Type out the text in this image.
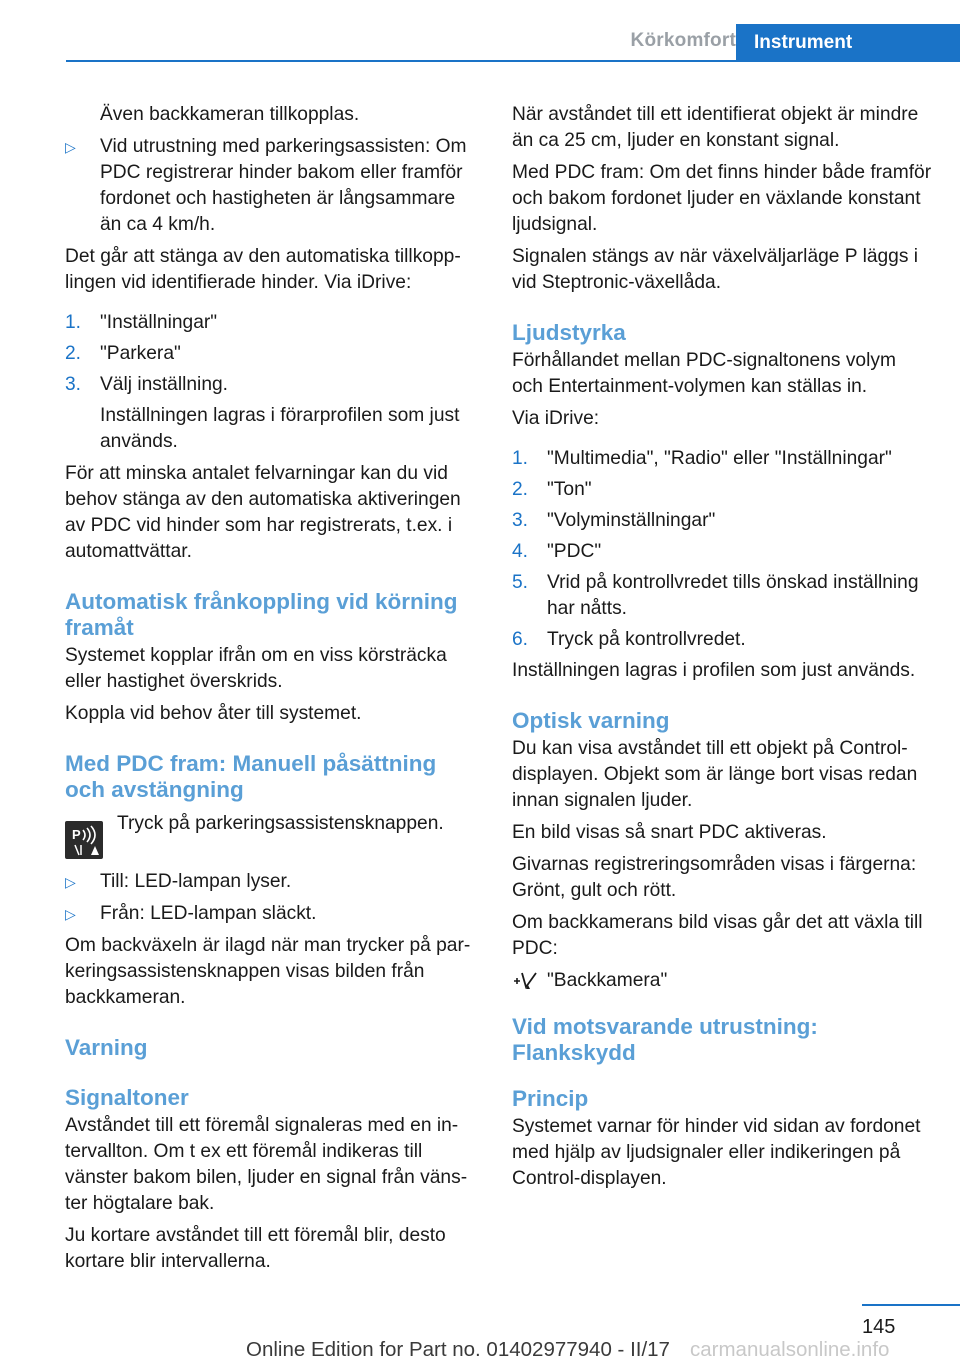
Körkomfort Instrument

Även backkameran tillkopplas.

▷	Vid utrustning med parkeringsassisten: Om PDC registrerar hinder bakom eller framför fordonet och hastigheten är långsammare än ca 4 km/h.

Det går att stänga av den automatiska tillkopplingen vid identifierade hinder. Via iDrive:

1. "Inställningar"
2. "Parkera"
3. Välj inställning.

Inställningen lagras i förarprofilen som just används.

För att minska antalet felvarningar kan du vid behov stänga av den automatiska aktiveringen av PDC vid hinder som har registrerats, t.ex. i automattvättar.

Automatisk frånkoppling vid körning framåt

Systemet kopplar ifrån om en viss körsträcka eller hastighet överskrids.

Koppla vid behov åter till systemet.

Med PDC fram: Manuell påsättning och avstängning
P
Tryck på parkeringsassistensknappen.
▷	Till: LED-lampan lyser.
▷	Från: LED-lampan släckt.

Om backväxeln är ilagd när man trycker på parkeringsassistensknappen visas bilden från backkameran.

Varning
Signaltoner

Avståndet till ett föremål signaleras med en intervallton. Om t ex ett föremål indikeras till vänster bakom bilen, ljuder en signal från vänster högtalare bak.

Ju kortare avståndet till ett föremål blir, desto kortare blir intervallerna.

När avståndet till ett identifierat objekt är mindre än ca 25 cm, ljuder en konstant signal.

Med PDC fram: Om det finns hinder både framför och bakom fordonet ljuder en växlande konstant ljudsignal.

Signalen stängs av när växelväljarläge P läggs i vid Steptronic-växellåda.

Ljudstyrka

Förhållandet mellan PDC-signaltonens volym och Entertainment-volymen kan ställas in.

Via iDrive:

1. "Multimedia", "Radio" eller "Inställningar"
2. "Ton"
3. "Volyminställningar"
4. "PDC"
5. Vrid på kontrollvredet tills önskad inställning har nåtts.
6. Tryck på kontrollvredet.

Inställningen lagras i profilen som just används.

Optisk varning

Du kan visa avståndet till ett objekt på Control-displayen. Objekt som är länge bort visas redan innan signalen ljuder.

En bild visas så snart PDC aktiveras.

Givarnas registreringsområden visas i färgerna: Grönt, gult och rött.

Om backkamerans bild visas går det att växla till PDC:

"Backkamera"
Vid motsvarande utrustning: Flankskydd
Princip

Systemet varnar för hinder vid sidan av fordonet med hjälp av ljudsignaler eller indikeringen på Control-displayen.

145
Online Edition for Part no. 01402977940 - II/17 carmanualsonline.info
